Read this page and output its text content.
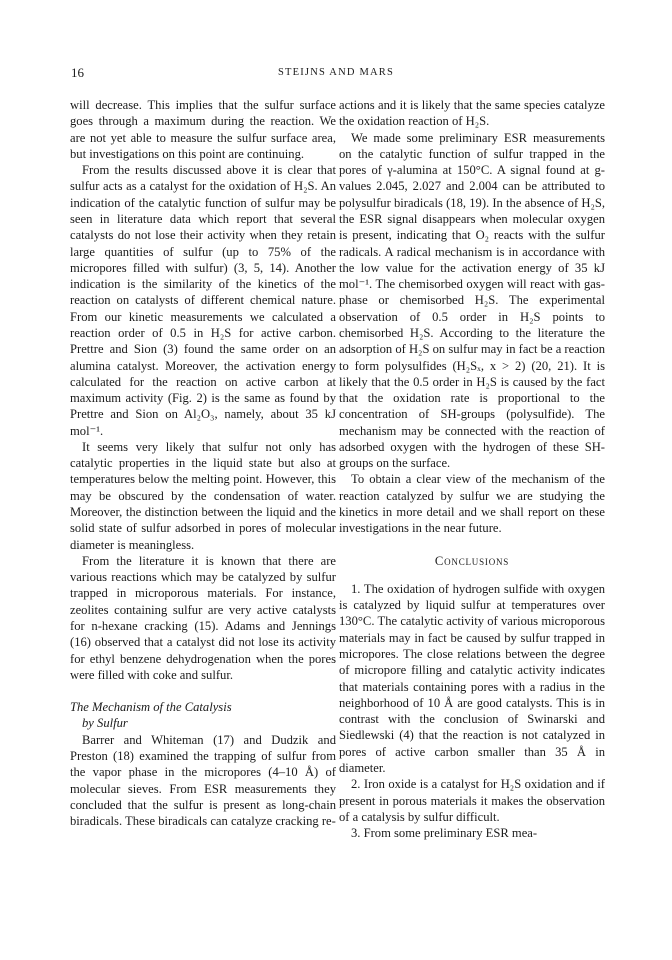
16	STEIJNS AND MARS

will decrease. This implies that the sulfur surface goes through a maximum during the reaction. We are not yet able to measure the sulfur surface area, but investigations on this point are continuing.

From the results discussed above it is clear that sulfur acts as a catalyst for the oxidation of H₂S. An indication of the catalytic function of sulfur may be seen in literature data which report that several catalysts do not lose their activity when they retain large quantities of sulfur (up to 75% of the micropores filled with sulfur) (3, 5, 14). Another indication is the similarity of the kinetics of the reaction on catalysts of different chemical nature. From our kinetic measurements we calculated a reaction order of 0.5 in H₂S for active carbon. Prettre and Sion (3) found the same order on an alumina catalyst. Moreover, the activation energy calculated for the reaction on active carbon at maximum activity (Fig. 2) is the same as found by Prettre and Sion on Al₂O₃, namely, about 35 kJ mol⁻¹.

It seems very likely that sulfur not only has catalytic properties in the liquid state but also at temperatures below the melting point. However, this may be obscured by the condensation of water. Moreover, the distinction between the liquid and the solid state of sulfur adsorbed in pores of molecular diameter is meaningless.

From the literature it is known that there are various reactions which may be catalyzed by sulfur trapped in microporous materials. For instance, zeolites containing sulfur are very active catalysts for n-hexane cracking (15). Adams and Jennings (16) observed that a catalyst did not lose its activity for ethyl benzene dehydrogenation when the pores were filled with coke and sulfur.

The Mechanism of the Catalysis
by Sulfur

Barrer and Whiteman (17) and Dudzik and Preston (18) examined the trapping of sulfur from the vapor phase in the micropores (4–10 Å) of molecular sieves. From ESR measurements they concluded that the sulfur is present as long-chain biradicals. These biradicals can catalyze cracking re-

actions and it is likely that the same species catalyze the oxidation reaction of H₂S.

We made some preliminary ESR measurements on the catalytic function of sulfur trapped in the pores of γ-alumina at 150°C. A signal found at g-values 2.045, 2.027 and 2.004 can be attributed to polysulfur biradicals (18, 19). In the absence of H₂S, the ESR signal disappears when molecular oxygen is present, indicating that O₂ reacts with the sulfur radicals. A radical mechanism is in accordance with the low value for the activation energy of 35 kJ mol⁻¹. The chemisorbed oxygen will react with gas-phase or chemisorbed H₂S. The experimental observation of 0.5 order in H₂S points to chemisorbed H₂S. According to the literature the adsorption of H₂S on sulfur may in fact be a reaction to form polysulfides (H₂Sₓ, x > 2) (20, 21). It is likely that the 0.5 order in H₂S is caused by the fact that the oxidation rate is proportional to the concentration of SH-groups (polysulfide). The mechanism may be connected with the reaction of adsorbed oxygen with the hydrogen of these SH-groups on the surface.

To obtain a clear view of the mechanism of the reaction catalyzed by sulfur we are studying the kinetics in more detail and we shall report on these investigations in the near future.

Conclusions

1. The oxidation of hydrogen sulfide with oxygen is catalyzed by liquid sulfur at temperatures over 130°C. The catalytic activity of various microporous materials may in fact be caused by sulfur trapped in micropores. The close relations between the degree of micropore filling and catalytic activity indicates that materials containing pores with a radius in the neighborhood of 10 Å are good catalysts. This is in contrast with the conclusion of Swinarski and Siedlewski (4) that the reaction is not catalyzed in pores of active carbon smaller than 35 Å in diameter.

2. Iron oxide is a catalyst for H₂S oxidation and if present in porous materials it makes the observation of a catalysis by sulfur difficult.

3. From some preliminary ESR mea-
